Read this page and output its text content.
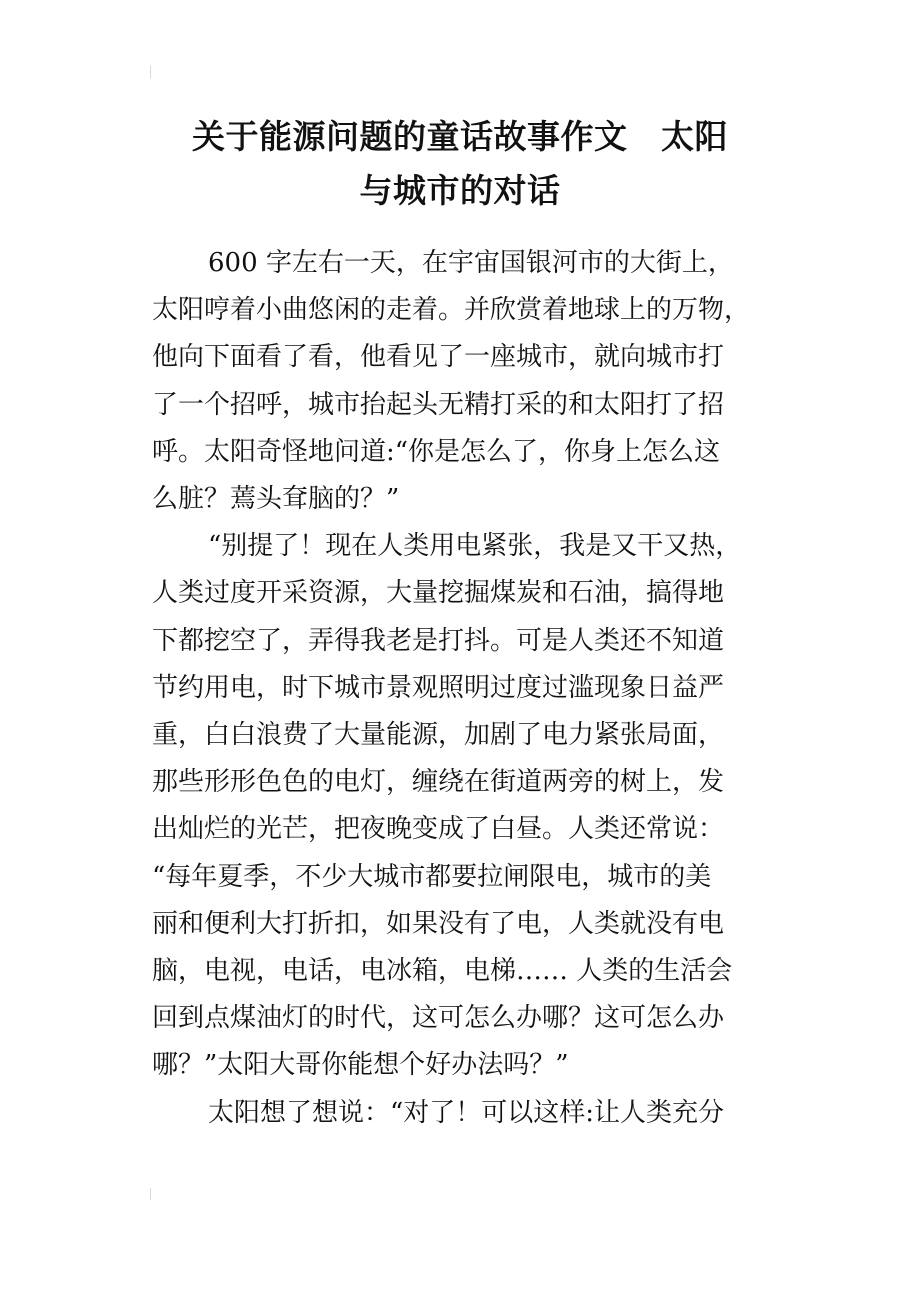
关于能源问题的童话故事作文　太阳
与城市的对话

600 字左右一天，在宇宙国银河市的大街上，
太阳哼着小曲悠闲的走着。并欣赏着地球上的万物，
他向下面看了看，他看见了一座城市，就向城市打
了一个招呼，城市抬起头无精打采的和太阳打了招
呼。太阳奇怪地问道:“你是怎么了，你身上怎么这
么脏？蔫头耷脑的？”

“别提了！现在人类用电紧张，我是又干又热，
人类过度开采资源，大量挖掘煤炭和石油，搞得地
下都挖空了，弄得我老是打抖。可是人类还不知道
节约用电，时下城市景观照明过度过滥现象日益严
重，白白浪费了大量能源，加剧了电力紧张局面，
那些形形色色的电灯，缠绕在街道两旁的树上，发
出灿烂的光芒，把夜晚变成了白昼。人类还常说：
“每年夏季，不少大城市都要拉闸限电，城市的美
丽和便利大打折扣，如果没有了电，人类就没有电
脑，电视，电话，电冰箱，电梯…… 人类的生活会
回到点煤油灯的时代，这可怎么办哪？这可怎么办
哪？”太阳大哥你能想个好办法吗？”

太阳想了想说：“对了！可以这样:让人类充分
